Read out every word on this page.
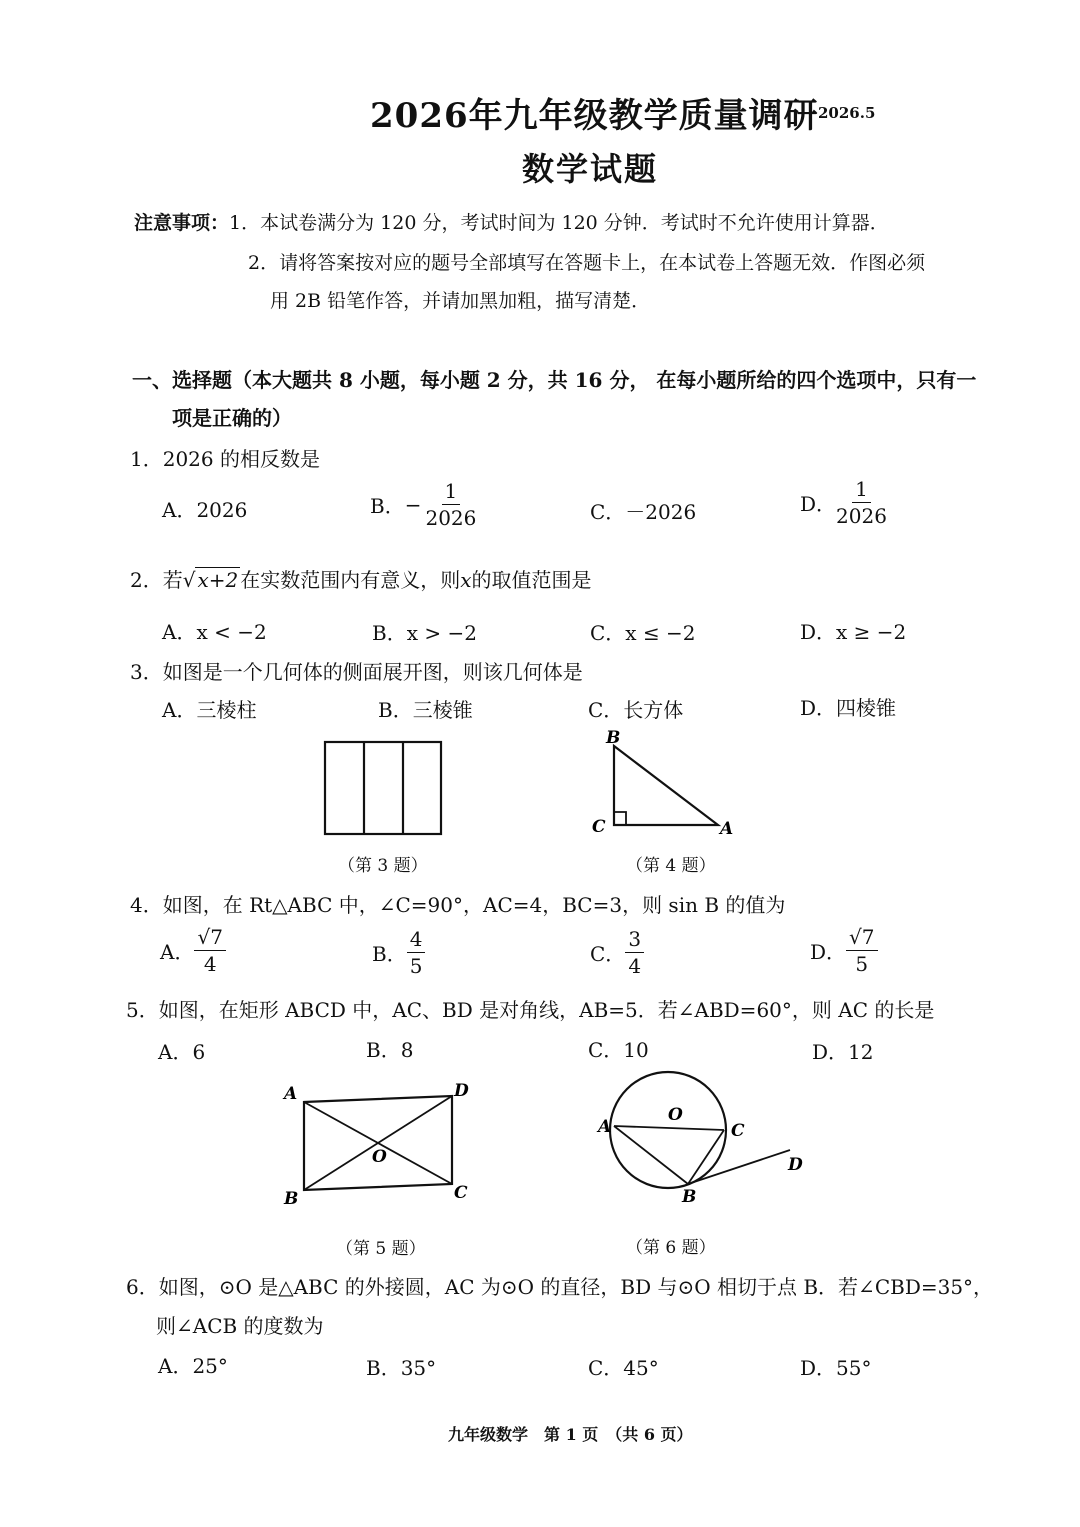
2026年九年级教学质量调研 2026.5
数学试题
注意事项：1．本试卷满分为 120 分，考试时间为 120 分钟．考试时不允许使用计算器．
2．请将答案按对应的题号全部填写在答题卡上，在本试卷上答题无效．作图必须
用 2B 铅笔作答，并请加黑加粗，描写清楚．
一、选择题（本大题共 8 小题，每小题 2 分，共 16 分， 在每小题所给的四个选项中，只有一
项是正确的）
1．2026 的相反数是
A．2026	B．− $\frac{1}{2026}$	C．－2026	D． $\frac{1}{2026}$
2．若√ x+2 在实数范围内有意义，则x的取值范围是
A．x < −2	B．x > −2	C．x ≤ −2	D．x ≥ −2
3．如图是一个几何体的侧面展开图，则该几何体是
A．三棱柱	B．三棱锥	C．长方体	D．四棱锥
（第 3 题）
B
C	A
（第 4 题）
4．如图，在 Rt△ABC 中，∠C=90°，AC=4，BC=3，则 sin B 的值为
A． $\frac{√7}{4}$	B． $\frac{4}{5}$	C． $\frac{3}{4}$	D． $\frac{√7}{5}$
5．如图，在矩形 ABCD 中，AC、BD 是对角线，AB=5．若∠ABD=60°，则 AC 的长是
A．6	B．8	C．10	D．12
A	D
O
B	C
（第 5 题）
A
O
C
B
D
（第 6 题）
6．如图，⊙O 是△ABC 的外接圆，AC 为⊙O 的直径，BD 与⊙O 相切于点 B．若∠CBD=35°，
则∠ACB 的度数为
A．25°	B．35°	C．45°	D．55°
九年级数学　第 1 页　（共 6 页）
